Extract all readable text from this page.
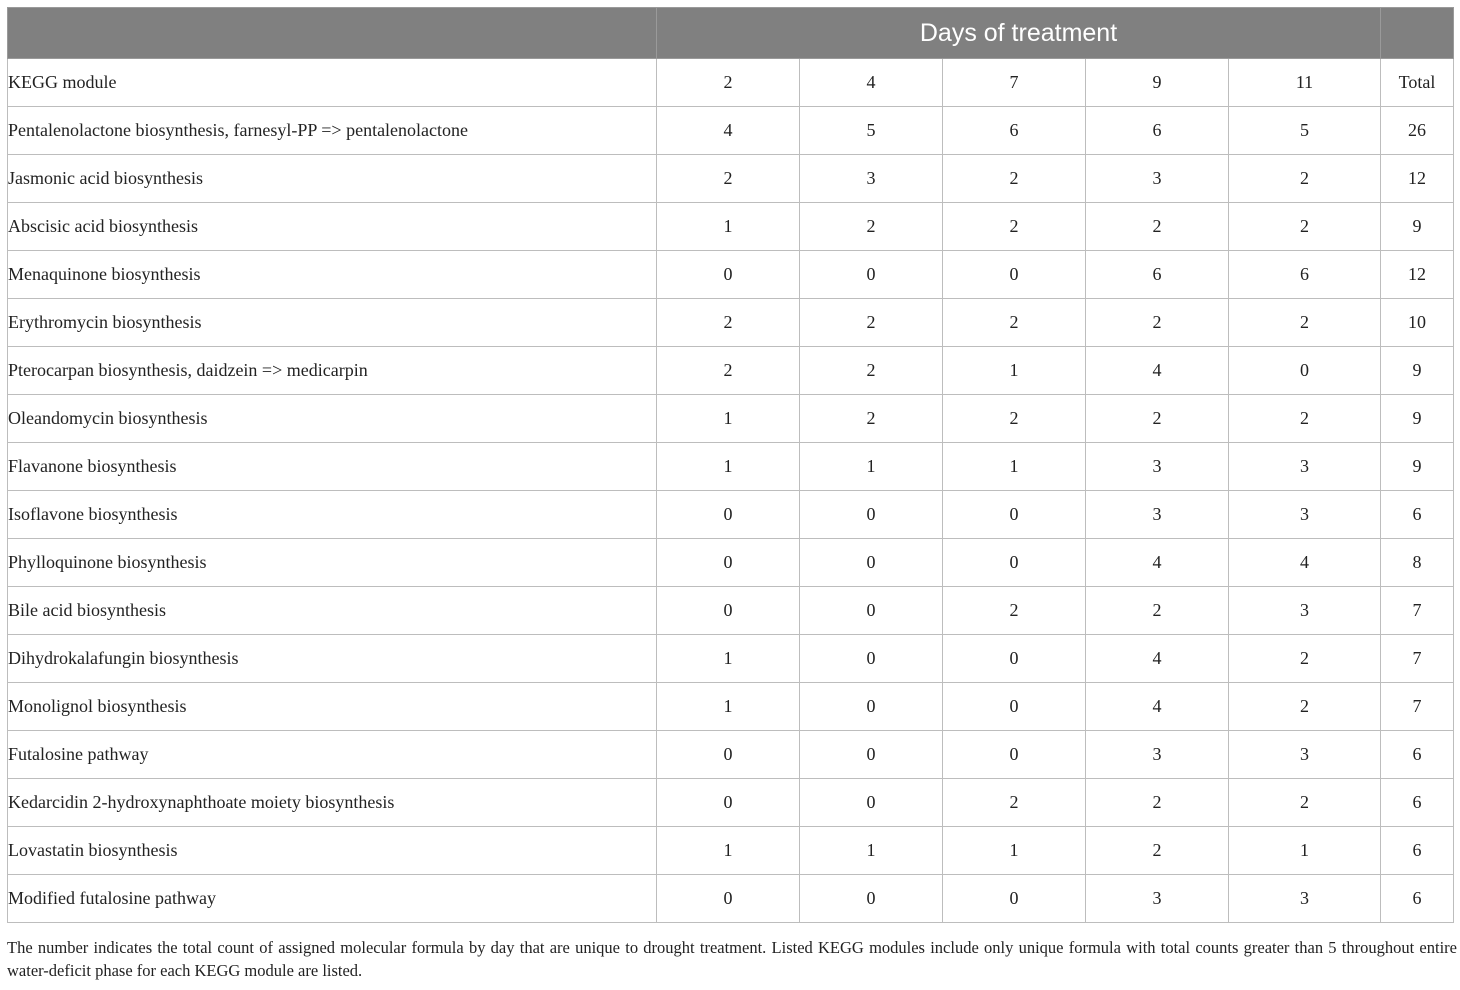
	Days of treatment					
KEGG module	2	4	7	9	11	Total
Pentalenolactone biosynthesis, farnesyl-PP => pentalenolactone	4	5	6	6	5	26
Jasmonic acid biosynthesis	2	3	2	3	2	12
Abscisic acid biosynthesis	1	2	2	2	2	9
Menaquinone biosynthesis	0	0	0	6	6	12
Erythromycin biosynthesis	2	2	2	2	2	10
Pterocarpan biosynthesis, daidzein => medicarpin	2	2	1	4	0	9
Oleandomycin biosynthesis	1	2	2	2	2	9
Flavanone biosynthesis	1	1	1	3	3	9
Isoflavone biosynthesis	0	0	0	3	3	6
Phylloquinone biosynthesis	0	0	0	4	4	8
Bile acid biosynthesis	0	0	2	2	3	7
Dihydrokalafungin biosynthesis	1	0	0	4	2	7
Monolignol biosynthesis	1	0	0	4	2	7
Futalosine pathway	0	0	0	3	3	6
Kedarcidin 2-hydroxynaphthoate moiety biosynthesis	0	0	2	2	2	6
Lovastatin biosynthesis	1	1	1	2	1	6
Modified futalosine pathway	0	0	0	3	3	6
The number indicates the total count of assigned molecular formula by day that are unique to drought treatment. Listed KEGG modules include only unique formula with total counts greater than 5 throughout entire water-deficit phase for each KEGG module are listed.
